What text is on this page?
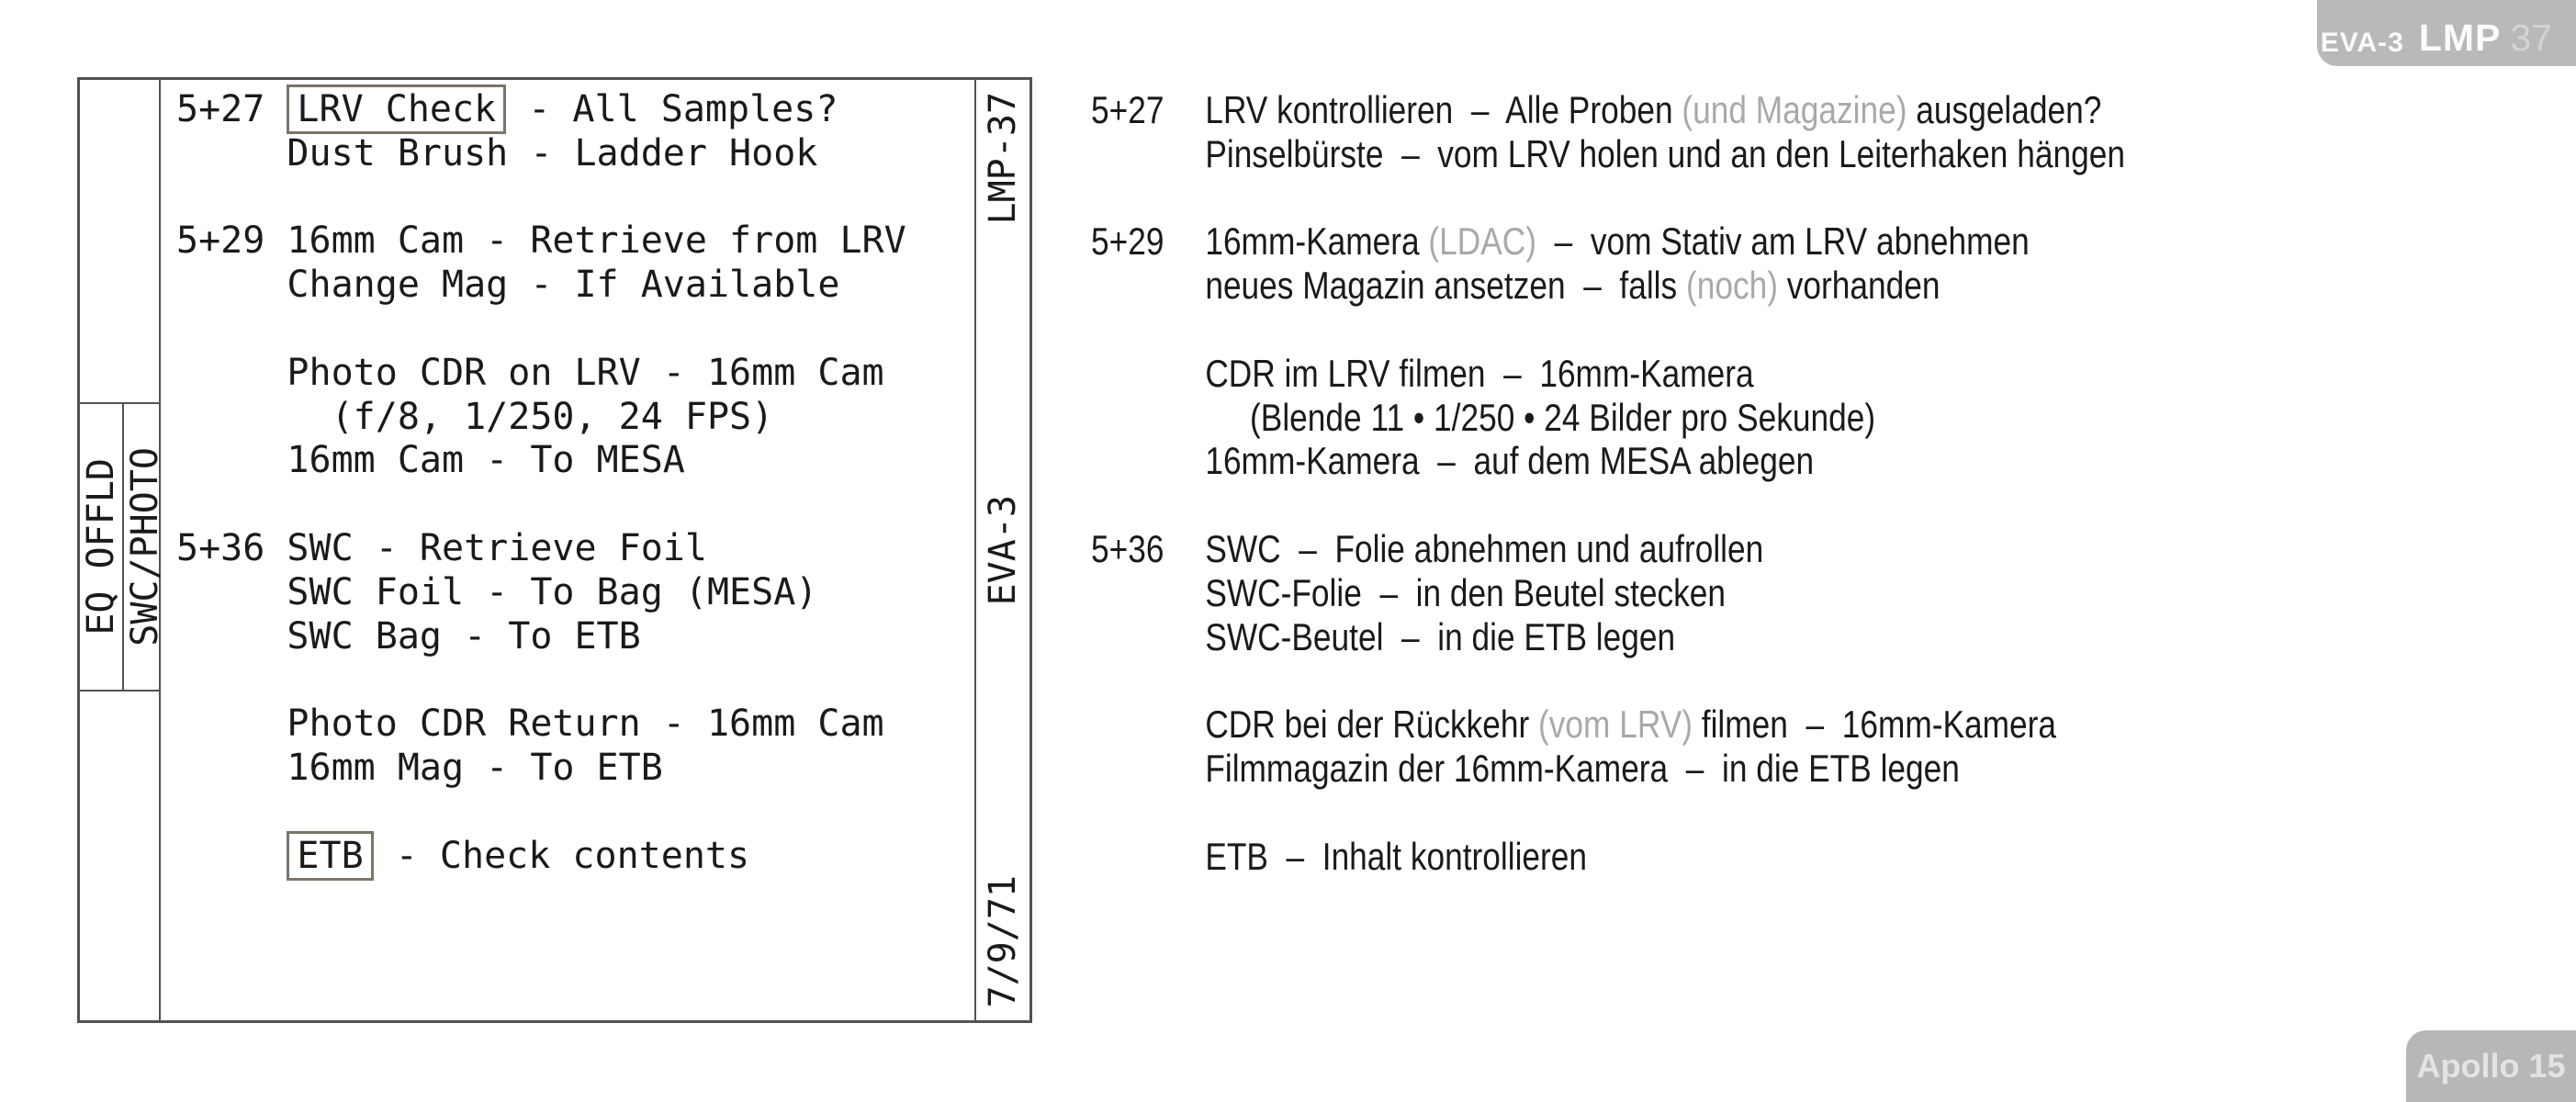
EVA-3 LMP 37
EQ OFFLD SWC/PHOTO
5+27 LRV Check - All Samples?
Dust Brush - Ladder Hook

5+29 16mm Cam - Retrieve from LRV
Change Mag - If Available

Photo CDR on LRV - 16mm Cam
(f/8, 1/250, 24 FPS)
16mm Cam - To MESA

5+36 SWC - Retrieve Foil
SWC Foil - To Bag (MESA)
SWC Bag - To ETB

Photo CDR Return - 16mm Cam
16mm Mag - To ETB

ETB - Check contents
LMP-37
EVA-3
7/9/71
5+27 LRV kontrollieren  –  Alle Proben (und Magazine) ausgeladen?
Pinselbürste  –  vom LRV holen und an den Leiterhaken hängen

5+29 16mm-Kamera (LDAC)  –  vom Stativ am LRV abnehmen
neues Magazin ansetzen  –  falls (noch) vorhanden

CDR im LRV filmen  –  16mm-Kamera
(Blende 11 • 1/250 • 24 Bilder pro Sekunde)
16mm-Kamera  –  auf dem MESA ablegen

5+36 SWC  –  Folie abnehmen und aufrollen
SWC-Folie  –  in den Beutel stecken
SWC-Beutel  –  in die ETB legen

CDR bei der Rückkehr (vom LRV) filmen  –  16mm-Kamera
Filmmagazin der 16mm-Kamera  –  in die ETB legen

ETB  –  Inhalt kontrollieren
Apollo 15
